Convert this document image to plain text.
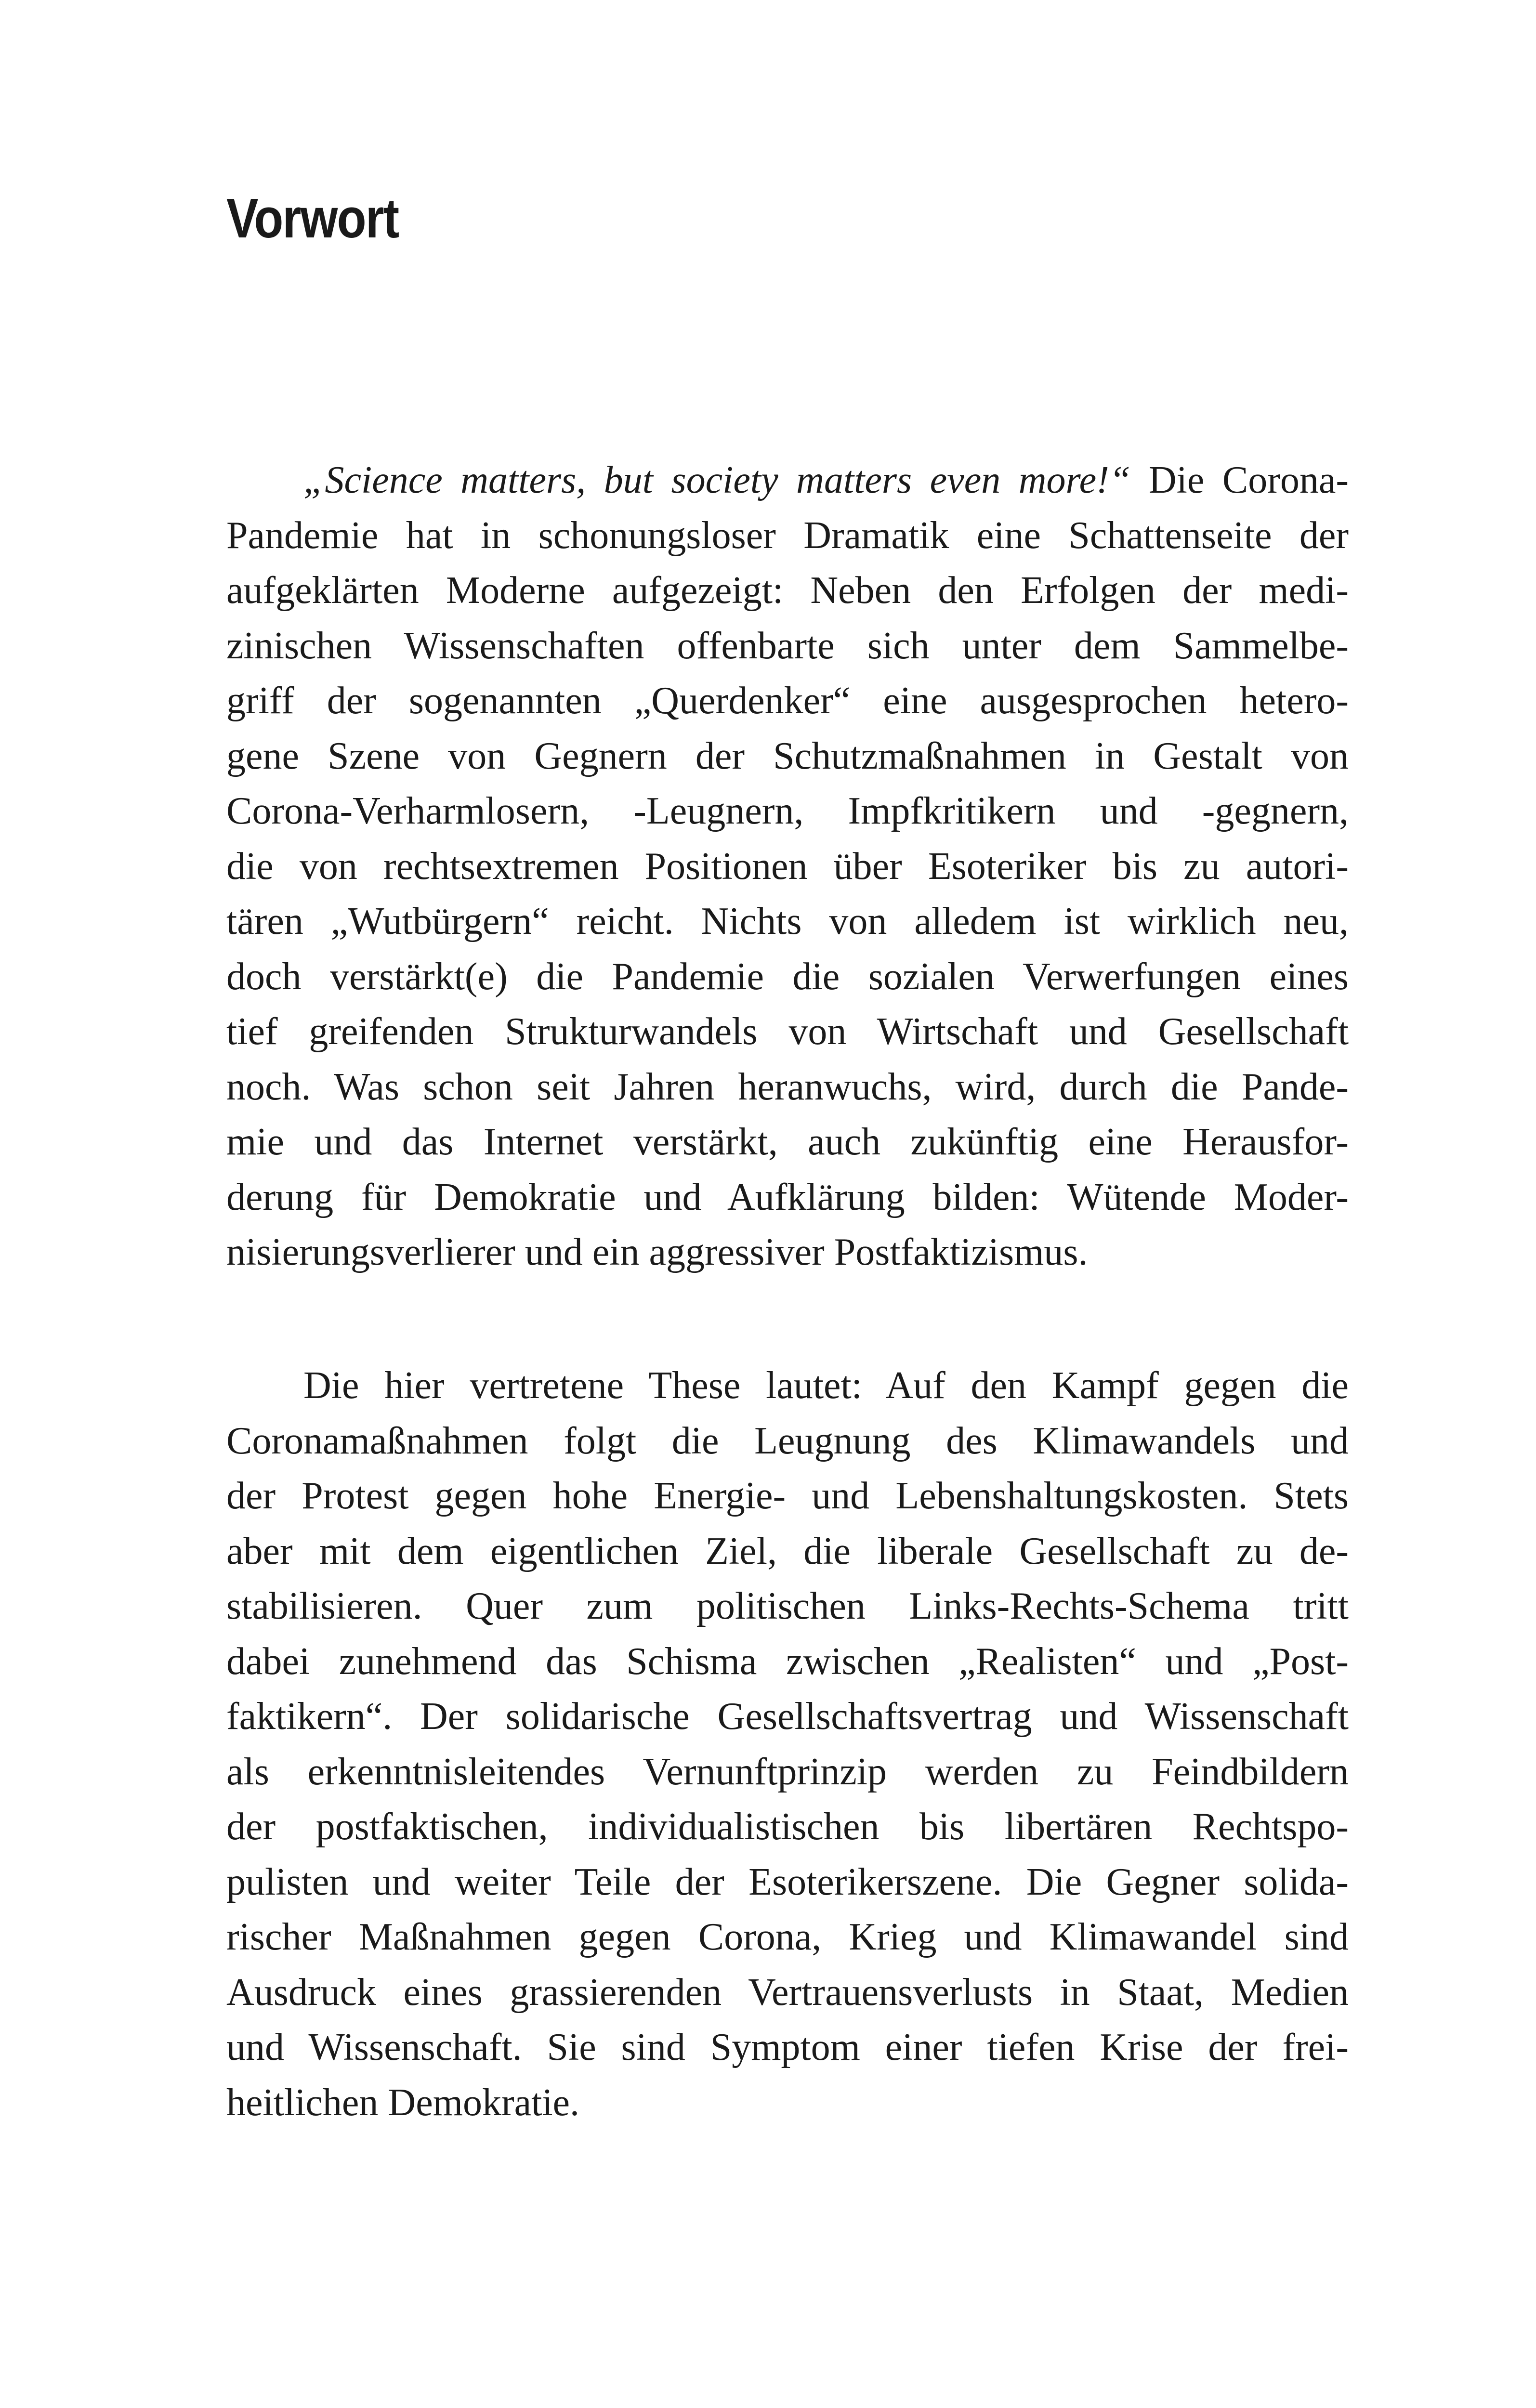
Vorwort
„Science matters, but society matters even more!“ Die Corona-
Pandemie hat in schonungsloser Dramatik eine Schattenseite der
aufgeklärten Moderne aufgezeigt: Neben den Erfolgen der medi-
zinischen Wissenschaften offenbarte sich unter dem Sammelbe-
griff der sogenannten „Querdenker“ eine ausgesprochen hetero-
gene Szene von Gegnern der Schutzmaßnahmen in Gestalt von
Corona-Verharmlosern, -Leugnern, Impfkritikern und -gegnern,
die von rechtsextremen Positionen über Esoteriker bis zu autori-
tären „Wutbürgern“ reicht. Nichts von alledem ist wirklich neu,
doch verstärkt(e) die Pandemie die sozialen Verwerfungen eines
tief greifenden Strukturwandels von Wirtschaft und Gesellschaft
noch. Was schon seit Jahren heranwuchs, wird, durch die Pande-
mie und das Internet verstärkt, auch zukünftig eine Herausfor-
derung für Demokratie und Aufklärung bilden: Wütende Moder-
nisierungsverlierer und ein aggressiver Postfaktizismus.
Die hier vertretene These lautet: Auf den Kampf gegen die
Coronamaßnahmen folgt die Leugnung des Klimawandels und
der Protest gegen hohe Energie- und Lebenshaltungskosten. Stets
aber mit dem eigentlichen Ziel, die liberale Gesellschaft zu de-
stabilisieren. Quer zum politischen Links-Rechts-Schema tritt
dabei zunehmend das Schisma zwischen „Realisten“ und „Post-
faktikern“. Der solidarische Gesellschaftsvertrag und Wissenschaft
als erkenntnisleitendes Vernunftprinzip werden zu Feindbildern
der postfaktischen, individualistischen bis libertären Rechtspo-
pulisten und weiter Teile der Esoterikerszene. Die Gegner solida-
rischer Maßnahmen gegen Corona, Krieg und Klimawandel sind
Ausdruck eines grassierenden Vertrauensverlusts in Staat, Medien
und Wissenschaft. Sie sind Symptom einer tiefen Krise der frei-
heitlichen Demokratie.
